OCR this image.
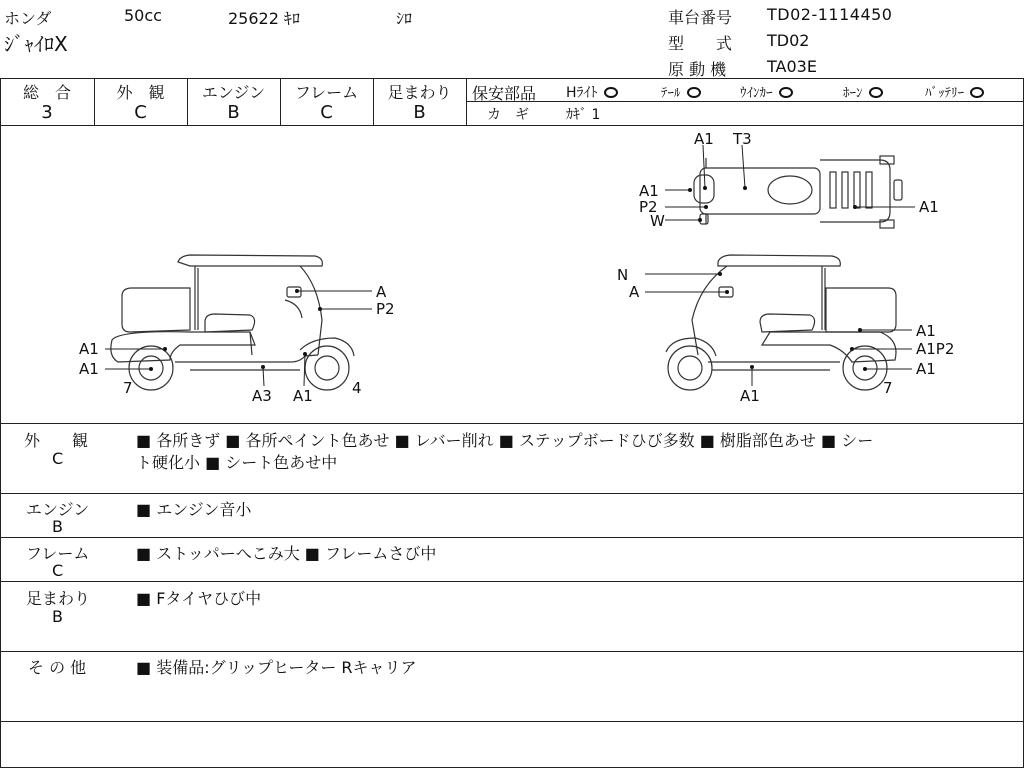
ホンダ	50cc	25622 ｷﾛ	ｼﾛ
ｼﾞｬｲﾛX
車台番号 TD02-1114450
型　　式 TD02
原 動 機	TA03E
総　合
3
外　観
C
エンジン
B
フレーム
C
足まわり
B
保安部品 Hﾗｲﾄ	ﾃｰﾙ	ｳｲﾝｶｰ	ﾎｰﾝ	ﾊﾞｯﾃﾘｰ
カ　ギ	ｶｷﾞ 1
A1 T3
A1
P2
W
A1
A
P2
A1
A1
7	A3 A1	4
N
A
A1
A1P2
A1
7
A1
外　　観
C
■ 各所きず ■ 各所ペイント色あせ ■ レバー削れ ■ ステップボードひび多数 ■ 樹脂部色あせ ■ シー
ト硬化小 ■ シート色あせ中
エンジン
B
■ エンジン音小
フレーム
C
■ ストッパーへこみ大 ■ フレームさび中
足まわり
B
■ Fタイヤひび中
そ の 他	■ 装備品:グリップヒーター Rキャリア
